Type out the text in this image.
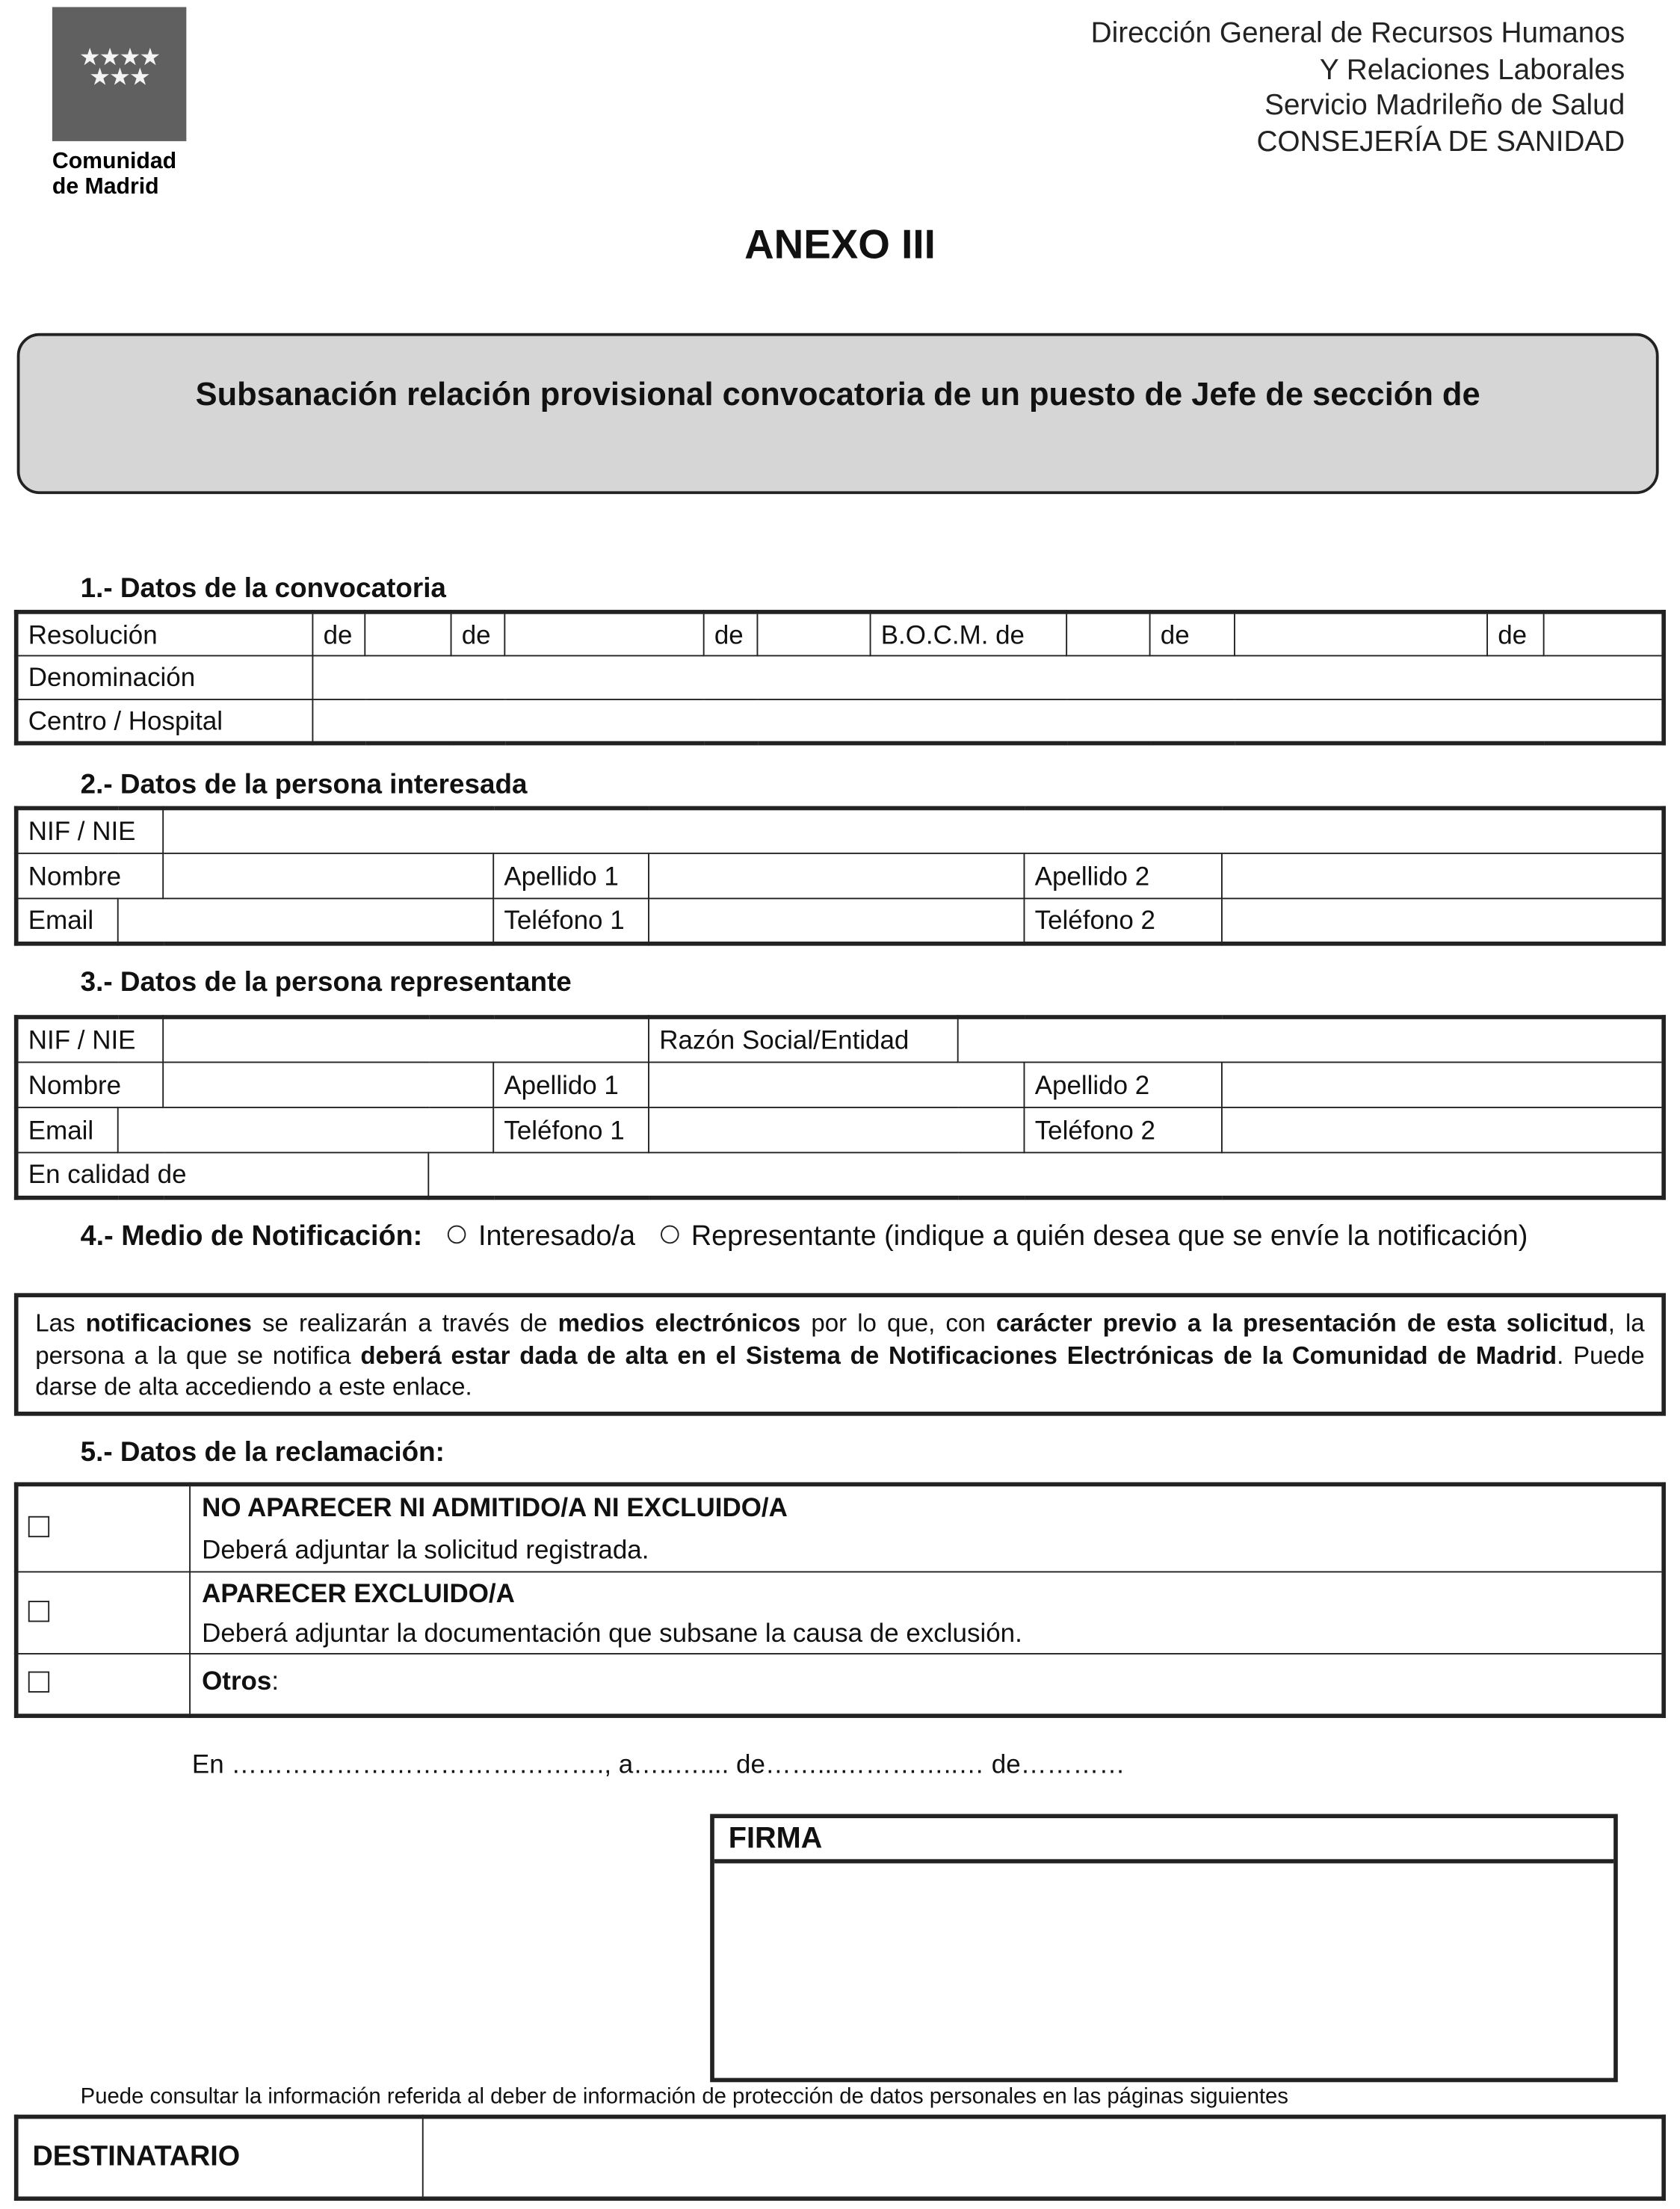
★★★★
★★★
Comunidad
de Madrid
Dirección General de Recursos Humanos
Y Relaciones Laborales
Servicio Madrileño de Salud
CONSEJERÍA DE SANIDAD
ANEXO III
Subsanación relación provisional convocatoria de un puesto de Jefe de sección de
1.- Datos de la convocatoria
Resolución	de		de		de		B.O.C.M. de		de		de	
Denominación												
Centro / Hospital												
2.- Datos de la persona interesada
NIF / NIE						
Nombre			Apellido 1		Apellido 2	
Email			Teléfono 1		Teléfono 2	
3.- Datos de la persona representante
NIF / NIE					Razón Social/Entidad			
Nombre				Apellido 1			Apellido 2	
Email				Teléfono 1			Teléfono 2	
En calidad de								
4.- Medio de Notificación:	Interesado/a	Representante (indique a quién desea que se envíe la notificación)
Las notificaciones se realizarán a través de medios electrónicos por lo que, con carácter previo a la presentación de esta solicitud, la persona a la que se notifica deberá estar dada de alta en el Sistema de Notificaciones Electrónicas de la Comunidad de Madrid. Puede darse de alta accediendo a este enlace.
5.- Datos de la reclamación:
	NO APARECER NI ADMITIDO/A NI EXCLUIDO/A
Deberá adjuntar la solicitud registrada.
	APARECER EXCLUIDO/A
Deberá adjuntar la documentación que subsane la causa de exclusión.
	Otros:
En ……………………………………., a…..….... de……...…………..… de…………
FIRMA
Puede consultar la información referida al deber de información de protección de datos personales en las páginas siguientes
DESTINATARIO	
